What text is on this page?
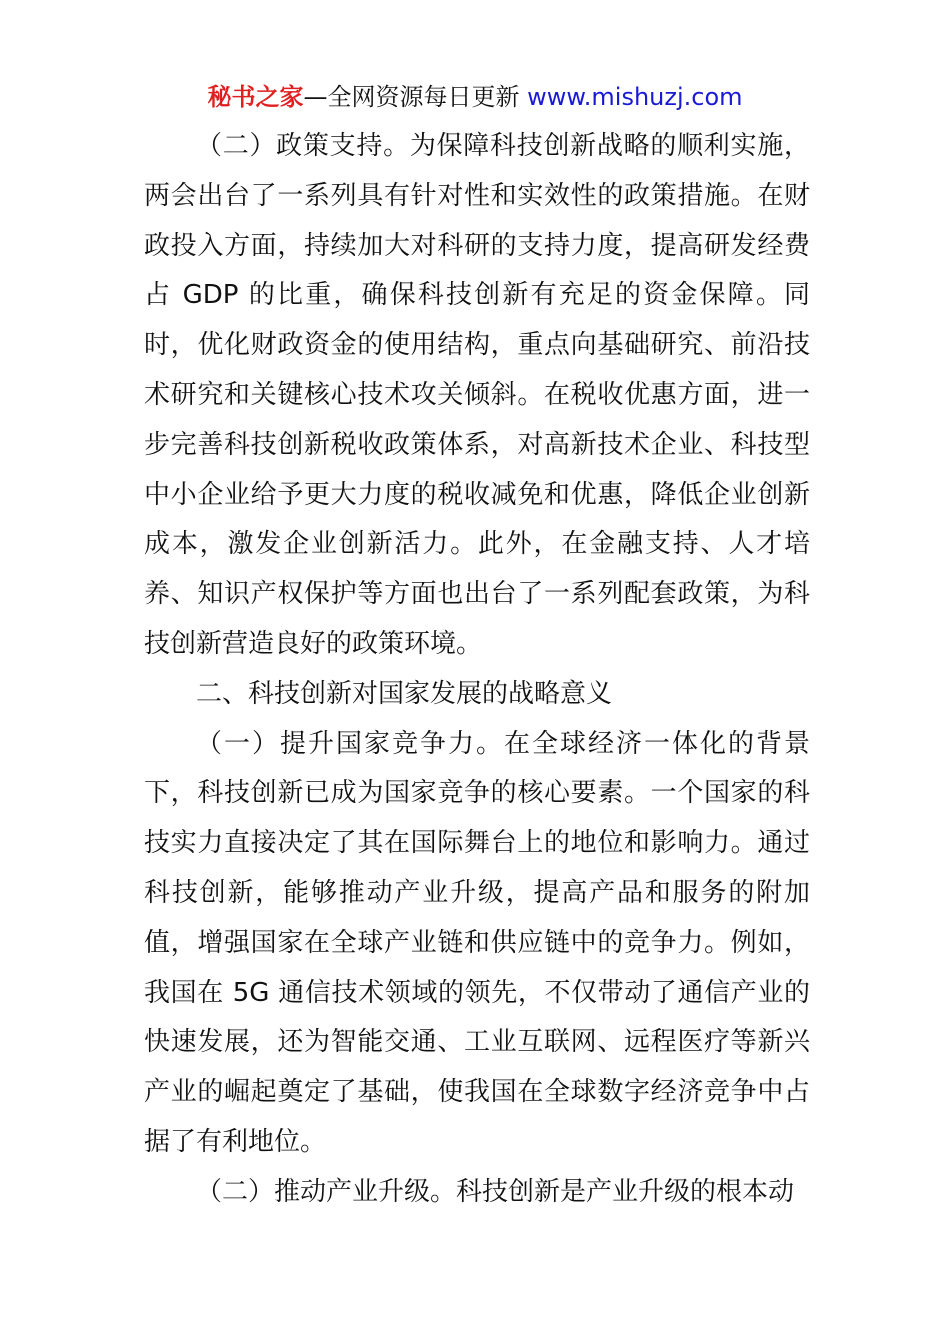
秘书之家—全网资源每日更新 www.mishuzj.com

（二）政策支持。为保障科技创新战略的顺利实施，两会出台了一系列具有针对性和实效性的政策措施。在财政投入方面，持续加大对科研的支持力度，提高研发经费占 GDP 的比重，确保科技创新有充足的资金保障。同时，优化财政资金的使用结构，重点向基础研究、前沿技术研究和关键核心技术攻关倾斜。在税收优惠方面，进一步完善科技创新税收政策体系，对高新技术企业、科技型中小企业给予更大力度的税收减免和优惠，降低企业创新成本，激发企业创新活力。此外，在金融支持、人才培养、知识产权保护等方面也出台了一系列配套政策，为科技创新营造良好的政策环境。

二、科技创新对国家发展的战略意义

（一）提升国家竞争力。在全球经济一体化的背景下，科技创新已成为国家竞争的核心要素。一个国家的科技实力直接决定了其在国际舞台上的地位和影响力。通过科技创新，能够推动产业升级，提高产品和服务的附加值，增强国家在全球产业链和供应链中的竞争力。例如，我国在 5G 通信技术领域的领先，不仅带动了通信产业的快速发展，还为智能交通、工业互联网、远程医疗等新兴产业的崛起奠定了基础，使我国在全球数字经济竞争中占据了有利地位。

（二）推动产业升级。科技创新是产业升级的根本动
